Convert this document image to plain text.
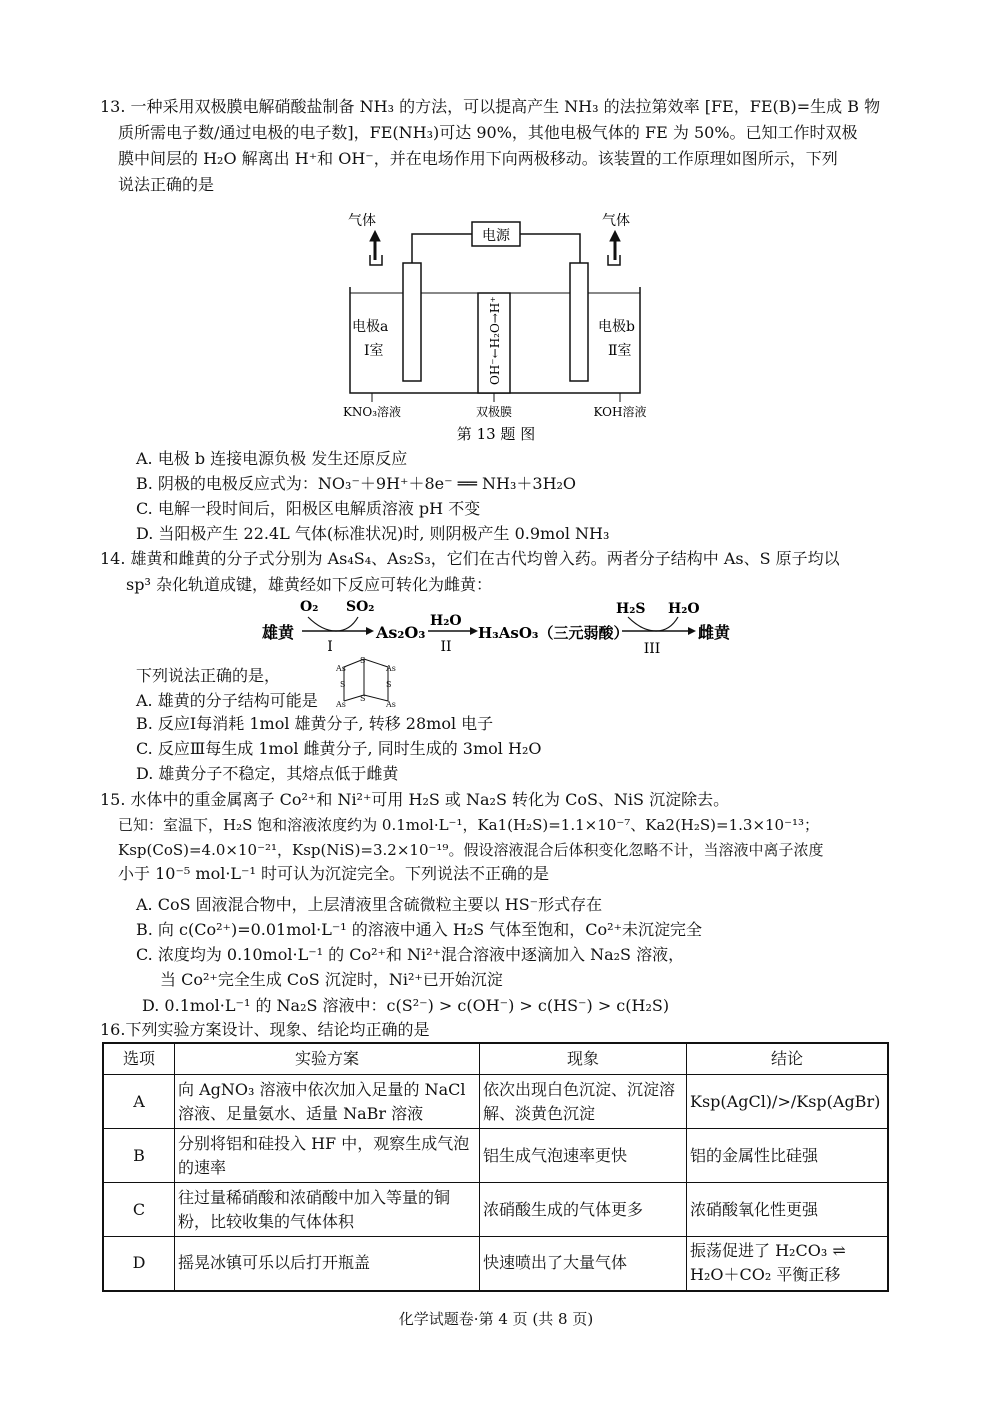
13. 一种采用双极膜电解硝酸盐制备 NH₃ 的方法，可以提高产生 NH₃ 的法拉第效率 [FE，FE(B)=生成 B 物
质所需电子数/通过电极的电子数]，FE(NH₃)可达 90%，其他电极气体的 FE 为 50%。已知工作时双极
膜中间层的 H₂O 解离出 H⁺和 OH⁻，并在电场作用下向两极移动。该装置的工作原理如图所示，下列
说法正确的是
气体	气体
电源
OH⁻←H₂O→H⁺
电极a
Ⅰ室
电极b
Ⅱ室
KNO₃溶液	双极膜	KOH溶液
第 13 题 图
A. 电极 b 连接电源负极 发生还原反应
B. 阴极的电极反应式为：NO₃⁻＋9H⁺＋8e⁻ ══ NH₃＋3H₂O
C. 电解一段时间后，阳极区电解质溶液 pH 不变
D. 当阳极产生 22.4L 气体(标准状况)时, 则阴极产生 0.9mol NH₃
14. 雄黄和雌黄的分子式分别为 As₄S₄、As₂S₃，它们在古代均曾入药。两者分子结构中 As、S 原子均以
sp³ 杂化轨道成键，雄黄经如下反应可转化为雌黄：
雄黄
O₂ SO₂
I
As₂O₃
H₂O
II
H₃AsO₃（三元弱酸）
H₂S H₂O
III
雌黄
下列说法正确的是，
A. 雄黄的分子结构可能是
S
As	As
S	S
As
S
As
B. 反应Ⅰ每消耗 1mol 雄黄分子, 转移 28mol 电子
C. 反应Ⅲ每生成 1mol 雌黄分子, 同时生成的 3mol H₂O
D. 雄黄分子不稳定，其熔点低于雌黄
15. 水体中的重金属离子 Co²⁺和 Ni²⁺可用 H₂S 或 Na₂S 转化为 CoS、NiS 沉淀除去。
已知：室温下，H₂S 饱和溶液浓度约为 0.1mol·L⁻¹，Ka1(H₂S)=1.1×10⁻⁷、Ka2(H₂S)=1.3×10⁻¹³；
Ksp(CoS)=4.0×10⁻²¹，Ksp(NiS)=3.2×10⁻¹⁹。假设溶液混合后体积变化忽略不计，当溶液中离子浓度
小于 10⁻⁵ mol·L⁻¹ 时可认为沉淀完全。下列说法不正确的是
A. CoS 固液混合物中，上层清液里含硫微粒主要以 HS⁻形式存在
B. 向 c(Co²⁺)=0.01mol·L⁻¹ 的溶液中通入 H₂S 气体至饱和，Co²⁺未沉淀完全
C. 浓度均为 0.10mol·L⁻¹ 的 Co²⁺和 Ni²⁺混合溶液中逐滴加入 Na₂S 溶液，
当 Co²⁺完全生成 CoS 沉淀时，Ni²⁺已开始沉淀
D. 0.1mol·L⁻¹ 的 Na₂S 溶液中：c(S²⁻) > c(OH⁻) > c(HS⁻) > c(H₂S)
16.下列实验方案设计、现象、结论均正确的是
选项	实验方案	现象	结论
A	向 AgNO₃ 溶液中依次加入足量的 NaCl 溶液、足量氨水、适量 NaBr 溶液	依次出现白色沉淀、沉淀溶解、淡黄色沉淀	Ksp(AgCl)/>/Ksp(AgBr)
B	分别将铝和硅投入 HF 中，观察生成气泡的速率	铝生成气泡速率更快	铝的金属性比硅强
C	往过量稀硝酸和浓硝酸中加入等量的铜粉，比较收集的气体体积	浓硝酸生成的气体更多	浓硝酸氧化性更强
D	摇晃冰镇可乐以后打开瓶盖	快速喷出了大量气体	振荡促进了 H₂CO₃ ⇌ H₂O＋CO₂ 平衡正移
化学试题卷·第 4 页 (共 8 页)
